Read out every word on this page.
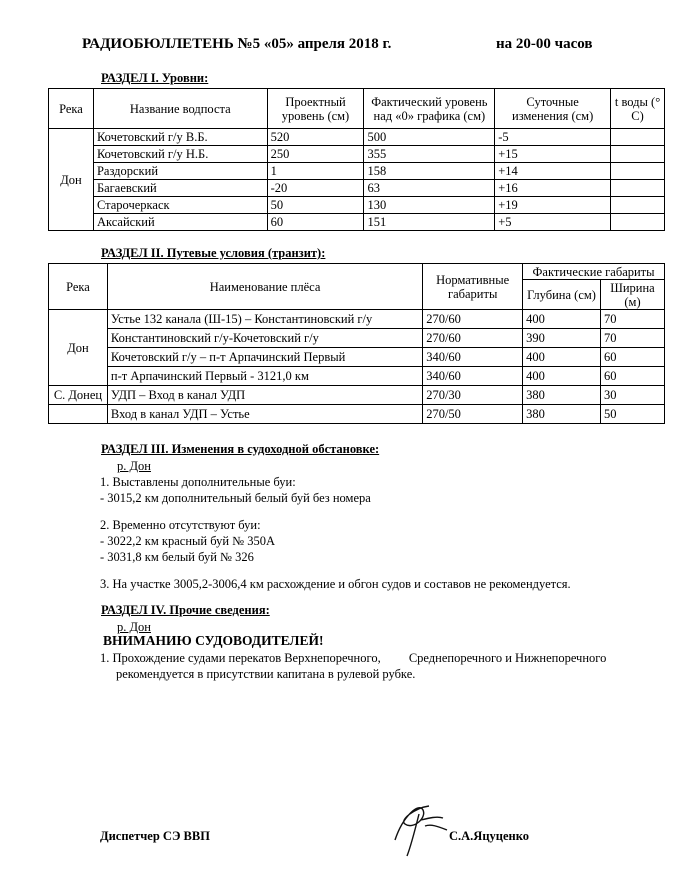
РАДИОБЮЛЛЕТЕНЬ №5 «05» апреля 2018 г.	на 20-00 часов
РАЗДЕЛ I. Уровни:
Река	Название водпоста	Проектный уровень (см)	Фактический уровень над «0» графика (см)	Суточные изменения (см)	t воды (° С)
Дон	Кочетовский г/у В.Б.	520	500	-5	
	Кочетовский г/у Н.Б.	250	355	+15	
	Раздорский	1	158	+14	
	Багаевский	-20	63	+16	
	Старочеркаск	50	130	+19	
	Аксайский	60	151	+5	
РАЗДЕЛ II. Путевые условия (транзит):
Река	Наименование плёса	Нормативные габариты	Фактические габариты	
			Глубина (см)	Ширина (м)
Дон	Устье 132 канала (Ш-15) – Константиновский г/у	270/60	400	70
	Константиновский г/у-Кочетовский г/у	270/60	390	70
	Кочетовский г/у – п-т Арпачинский Первый	340/60	400	60
	п-т Арпачинский Первый - 3121,0 км	340/60	400	60
С. Донец	УДП – Вход в канал УДП	270/30	380	30
	Вход в канал УДП – Устье	270/50	380	50
РАЗДЕЛ III. Изменения в судоходной обстановке:
р. Дон
1. Выставлены дополнительные буи:
- 3015,2 км дополнительный белый буй без номера
2. Временно отсутствуют буи:
- 3022,2 км красный буй № 350А
- 3031,8 км белый буй № 326
3. На участке 3005,2-3006,4 км расхождение и обгон судов и составов не рекомендуется.
РАЗДЕЛ IV. Прочие сведения:
р. Дон
ВНИМАНИЮ СУДОВОДИТЕЛЕЙ!
1. Прохождение судами перекатов Верхнепоречного,         Среднепоречного и Нижнепоречного
рекомендуется в присутствии капитана в рулевой рубке.
Диспетчер СЭ ВВП	С.А.Яцуценко
